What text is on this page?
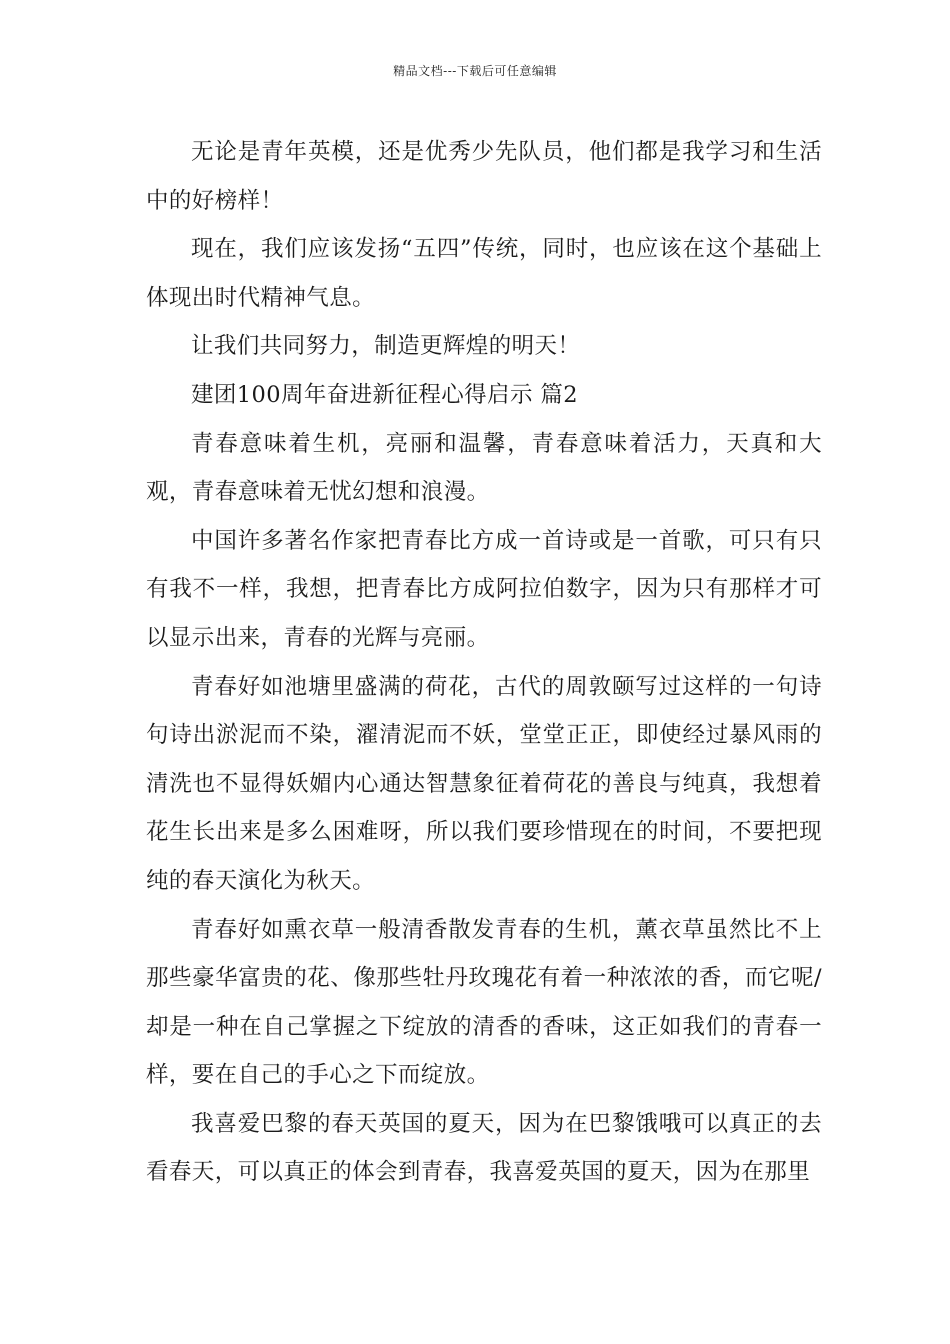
精品文档---下载后可任意编辑

无论是青年英模，还是优秀少先队员，他们都是我学习和生活中的好榜样！

现在，我们应该发扬“五四”传统，同时，也应该在这个基础上体现出时代精神气息。

让我们共同努力，制造更辉煌的明天！

建团100周年奋进新征程心得启示 篇2

青春意味着生机，亮丽和温馨，青春意味着活力，天真和大观，青春意味着无忧幻想和浪漫。

中国许多著名作家把青春比方成一首诗或是一首歌，可只有只有我不一样，我想，把青春比方成阿拉伯数字，因为只有那样才可以显示出来，青春的光辉与亮丽。

青春好如池塘里盛满的荷花，古代的周敦颐写过这样的一句诗句诗出淤泥而不染，濯清泥而不妖，堂堂正正，即使经过暴风雨的清洗也不显得妖媚内心通达智慧象征着荷花的善良与纯真，我想着花生长出来是多么困难呀，所以我们要珍惜现在的时间，不要把现纯的春天演化为秋天。

青春好如熏衣草一般清香散发青春的生机，薰衣草虽然比不上那些豪华富贵的花、像那些牡丹玫瑰花有着一种浓浓的香，而它呢/却是一种在自己掌握之下绽放的清香的香味，这正如我们的青春一样，要在自己的手心之下而绽放。

我喜爱巴黎的春天英国的夏天，因为在巴黎饿哦可以真正的去看春天，可以真正的体会到青春，我喜爱英国的夏天，因为在那里
